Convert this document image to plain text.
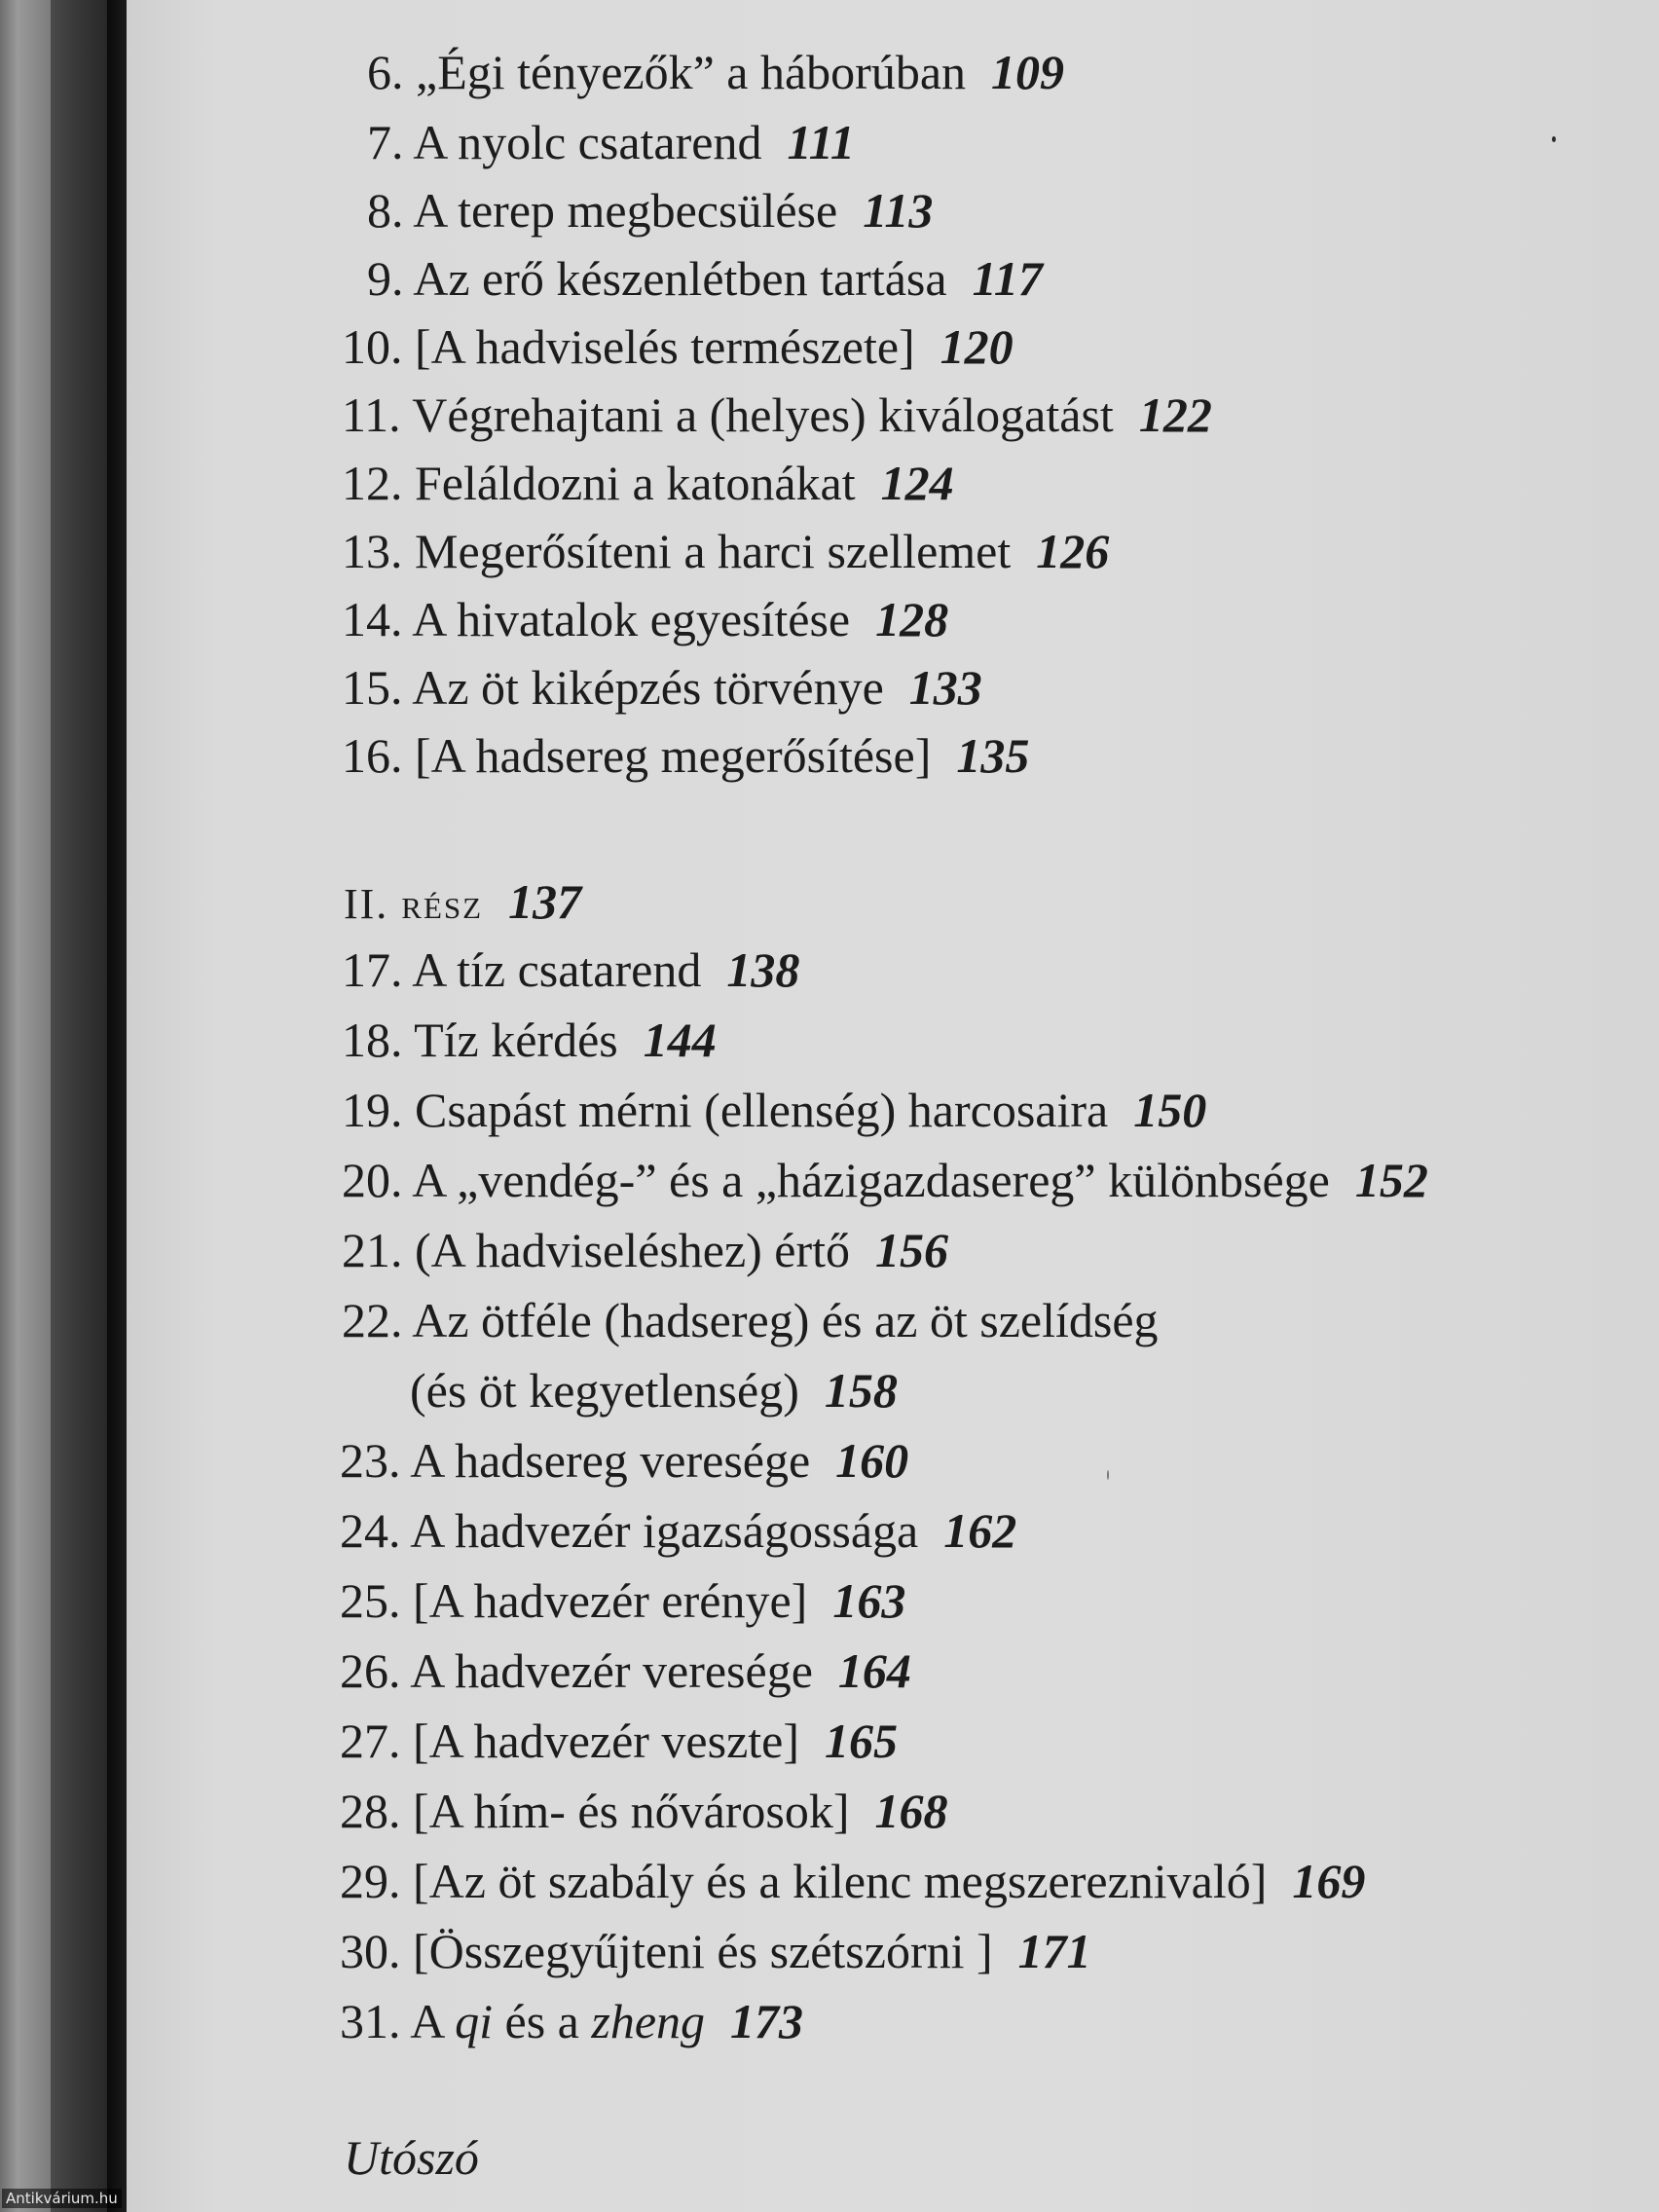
6. „Égi tényezők” a háborúban 109
7. A nyolc csatarend 111
8. A terep megbecsülése 113
9. Az erő készenlétben tartása 117
10. [A hadviselés természete] 120
11. Végrehajtani a (helyes) kiválogatást 122
12. Feláldozni a katonákat 124
13. Megerősíteni a harci szellemet 126
14. A hivatalok egyesítése 128
15. Az öt kiképzés törvénye 133
16. [A hadsereg megerősítése] 135
II. rész 137
17. A tíz csatarend 138
18. Tíz kérdés 144
19. Csapást mérni (ellenség) harcosaira 150
20. A „vendég-” és a „házigazdasereg” különbsége 152
21. (A hadviseléshez) értő 156
22. Az ötféle (hadsereg) és az öt szelídség
(és öt kegyetlenség) 158
23. A hadsereg veresége 160
24. A hadvezér igazságossága 162
25. [A hadvezér erénye] 163
26. A hadvezér veresége 164
27. [A hadvezér veszte] 165
28. [A hím- és nővárosok] 168
29. [Az öt szabály és a kilenc megszereznivaló] 169
30. [Összegyűjteni és szétszórni ] 171
31. A qi és a zheng 173
Utószó
Antikvárium.hu
